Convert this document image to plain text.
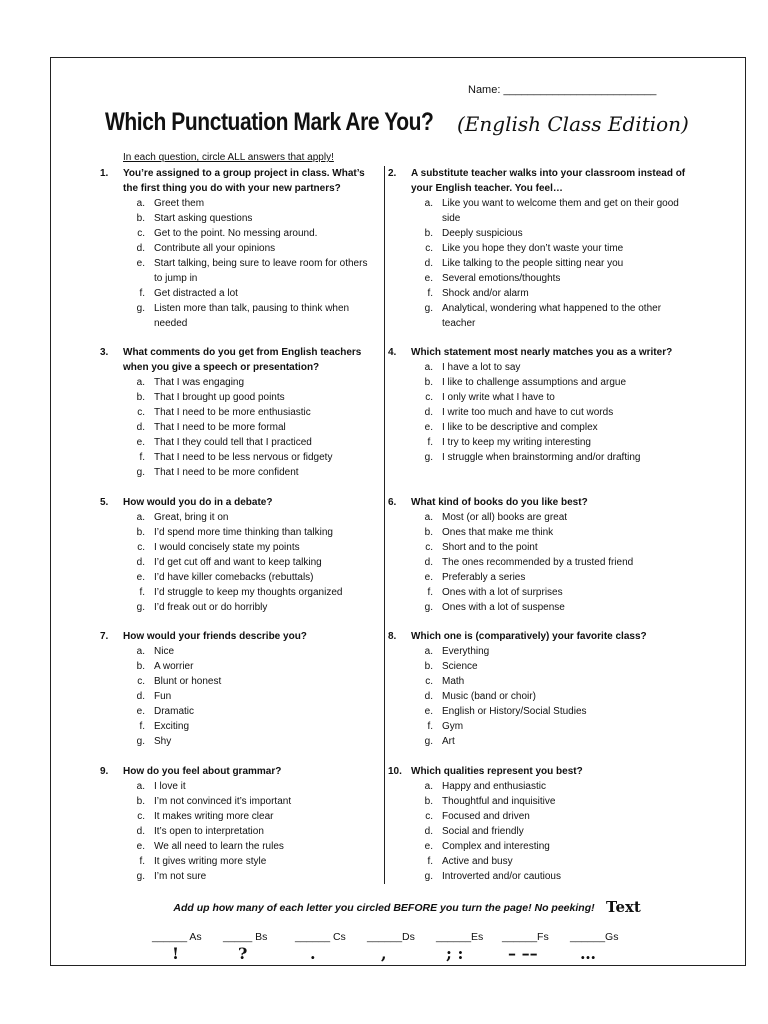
Name: _________________________
Which Punctuation Mark Are You? (English Class Edition)
In each question, circle ALL answers that apply!
1.	You’re assigned to a group project in class. What’s the first thing you do with your new partners?
a. Greet them
b. Start asking questions
c. Get to the point. No messing around.
d. Contribute all your opinions
e. Start talking, being sure to leave room for others to jump in
f. Get distracted a lot
g. Listen more than talk, pausing to think when needed
2.	A substitute teacher walks into your classroom instead of your English teacher. You feel…
a. Like you want to welcome them and get on their good side
b. Deeply suspicious
c. Like you hope they don’t waste your time
d. Like talking to the people sitting near you
e. Several emotions/thoughts
f. Shock and/or alarm
g. Analytical, wondering what happened to the other teacher
3.	What comments do you get from English teachers when you give a speech or presentation?
a. That I was engaging
b. That I brought up good points
c. That I need to be more enthusiastic
d. That I need to be more formal
e. That I they could tell that I practiced
f. That I need to be less nervous or fidgety
g. That I need to be more confident
4.	Which statement most nearly matches you as a writer?
a. I have a lot to say
b. I like to challenge assumptions and argue
c. I only write what I have to
d. I write too much and have to cut words
e. I like to be descriptive and complex
f. I try to keep my writing interesting
g. I struggle when brainstorming and/or drafting
5.	How would you do in a debate?
a. Great, bring it on
b. I’d spend more time thinking than talking
c. I would concisely state my points
d. I’d get cut off and want to keep talking
e. I’d have killer comebacks (rebuttals)
f. I’d struggle to keep my thoughts organized
g. I’d freak out or do horribly
6.	What kind of books do you like best?
a. Most (or all) books are great
b. Ones that make me think
c. Short and to the point
d. The ones recommended by a trusted friend
e. Preferably a series
f. Ones with a lot of surprises
g. Ones with a lot of suspense
7.	How would your friends describe you?
a. Nice
b. A worrier
c. Blunt or honest
d. Fun
e. Dramatic
f. Exciting
g. Shy
8.	Which one is (comparatively) your favorite class?
a. Everything
b. Science
c. Math
d. Music (band or choir)
e. English or History/Social Studies
f. Gym
g. Art
9.	How do you feel about grammar?
a. I love it
b. I’m not convinced it’s important
c. It makes writing more clear
d. It’s open to interpretation
e. We all need to learn the rules
f. It gives writing more style
g. I’m not sure
10. Which qualities represent you best?
a. Happy and enthusiastic
b. Thoughtful and inquisitive
c. Focused and driven
d. Social and friendly
e. Complex and interesting
f. Active and busy
g. Introverted and/or cautious
Add up how many of each letter you circled BEFORE you turn the page! No peeking! Text
______ As _____ Bs	______ Cs ______Ds ______Es ______Fs ______Gs
!	?	.	,	; :	– ––	…
